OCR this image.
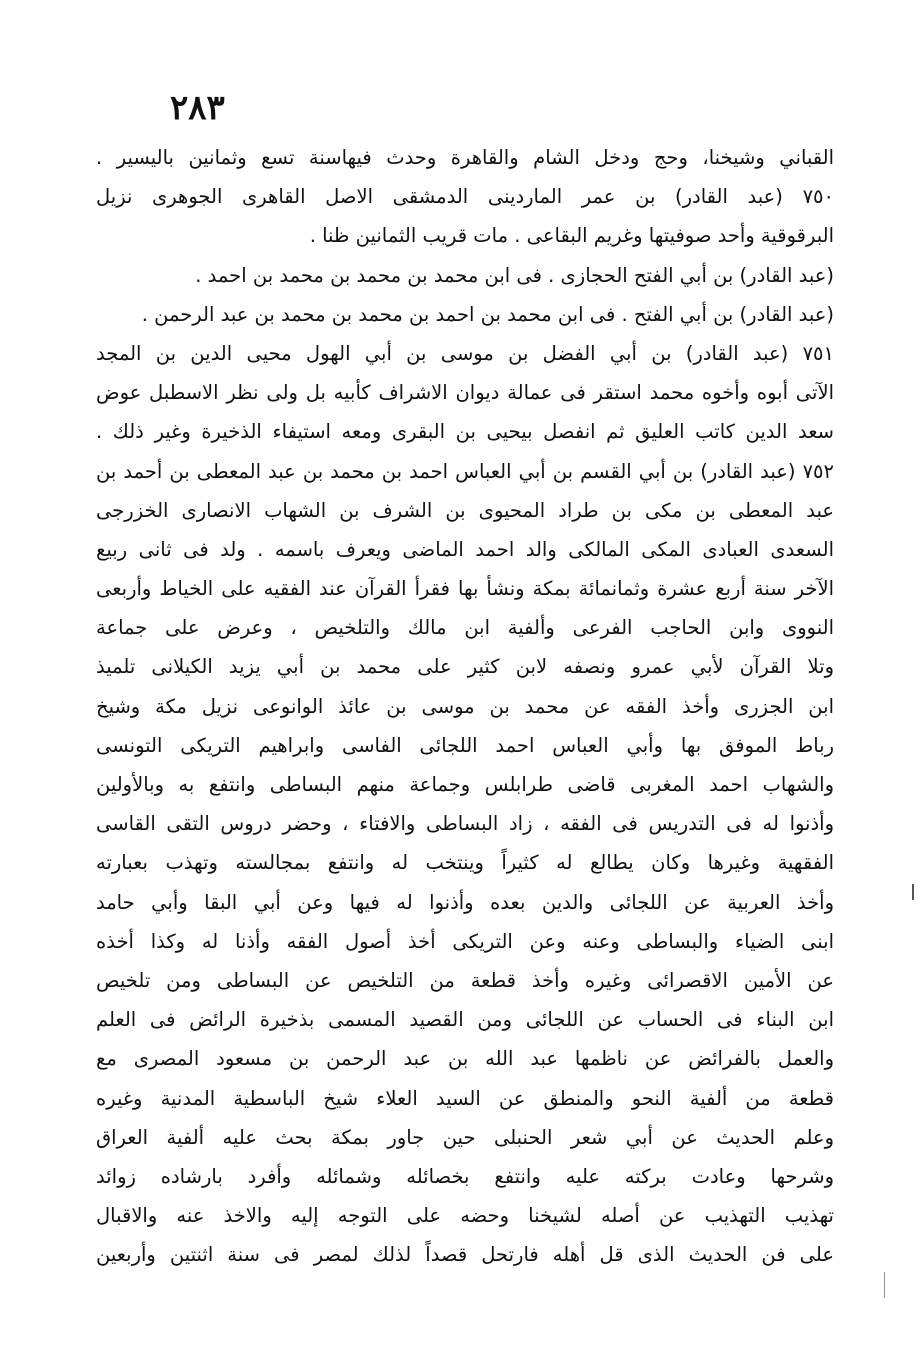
٢٨٣
القباني وشيخنا، وحج ودخل الشام والقاهرة وحدث فيهاسنة تسع وثمانين باليسير .
٧٥٠ (عبد القادر) بن عمر الماردينى الدمشقى الاصل القاهرى الجوهرى نزيل
البرقوقية وأحد صوفيتها وغريم البقاعى . مات قريب الثمانين ظنا .
(عبد القادر) بن أبي الفتح الحجازى . فى ابن محمد بن محمد بن محمد بن احمد .
(عبد القادر) بن أبي الفتح . فى ابن محمد بن احمد بن محمد بن محمد بن عبد الرحمن .
٧٥١ (عبد القادر) بن أبي الفضل بن موسى بن أبي الهول محيى الدين بن المجد
الآتى أبوه وأخوه محمد استقر فى عمالة ديوان الاشراف كأبيه بل ولى نظر الاسطبل عوض
سعد الدين كاتب العليق ثم انفصل بيحيى بن البقرى ومعه استيفاء الذخيرة وغير ذلك .
٧٥٢ (عبد القادر) بن أبي القسم بن أبي العباس احمد بن محمد بن عبد المعطى بن أحمد بن
عبد المعطى بن مكى بن طراد المحيوى بن الشرف بن الشهاب الانصارى الخزرجى
السعدى العبادى المكى المالكى والد احمد الماضى ويعرف باسمه . ولد فى ثانى ربيع
الآخر سنة أربع عشرة وثمانمائة بمكة ونشأ بها فقرأ القرآن عند الفقيه على الخياط وأربعى
النووى وابن الحاجب الفرعى وألفية ابن مالك والتلخيص ، وعرض على جماعة
وتلا القرآن لأبي عمرو ونصفه لابن كثير على محمد بن أبي يزيد الكيلانى تلميذ
ابن الجزرى وأخذ الفقه عن محمد بن موسى بن عائذ الوانوعى نزيل مكة وشيخ
رباط الموفق بها وأبي العباس احمد اللجائى الفاسى وابراهيم التريكى التونسى
والشهاب احمد المغربى قاضى طرابلس وجماعة منهم البساطى وانتفع به وبالأولين
وأذنوا له فى التدريس فى الفقه ، زاد البساطى والافتاء ، وحضر دروس التقى القاسى
الفقهية وغيرها وكان يطالع له كثيراً وينتخب له وانتفع بمجالسته وتهذب بعبارته
وأخذ العربية عن اللجائى والدين بعده وأذنوا له فيها وعن أبي البقا وأبي حامد
ابنى الضياء والبساطى وعنه وعن التريكى أخذ أصول الفقه وأذنا له وكذا أخذه
عن الأمين الاقصرائى وغيره وأخذ قطعة من التلخيص عن البساطى ومن تلخيص
ابن البناء فى الحساب عن اللجائى ومن القصيد المسمى بذخيرة الرائض فى العلم
والعمل بالفرائض عن ناظمها عبد الله بن عبد الرحمن بن مسعود المصرى مع
قطعة من ألفية النحو والمنطق عن السيد العلاء شيخ الباسطية المدنية وغيره
وعلم الحديث عن أبي شعر الحنبلى حين جاور بمكة بحث عليه ألفية العراق
وشرحها وعادت بركته عليه وانتفع بخصائله وشمائله وأفرد بارشاده زوائد
تهذيب التهذيب عن أصله لشيخنا وحضه على التوجه إليه والاخذ عنه والاقبال
على فن الحديث الذى قل أهله فارتحل قصداً لذلك لمصر فى سنة اثنتين وأربعين
